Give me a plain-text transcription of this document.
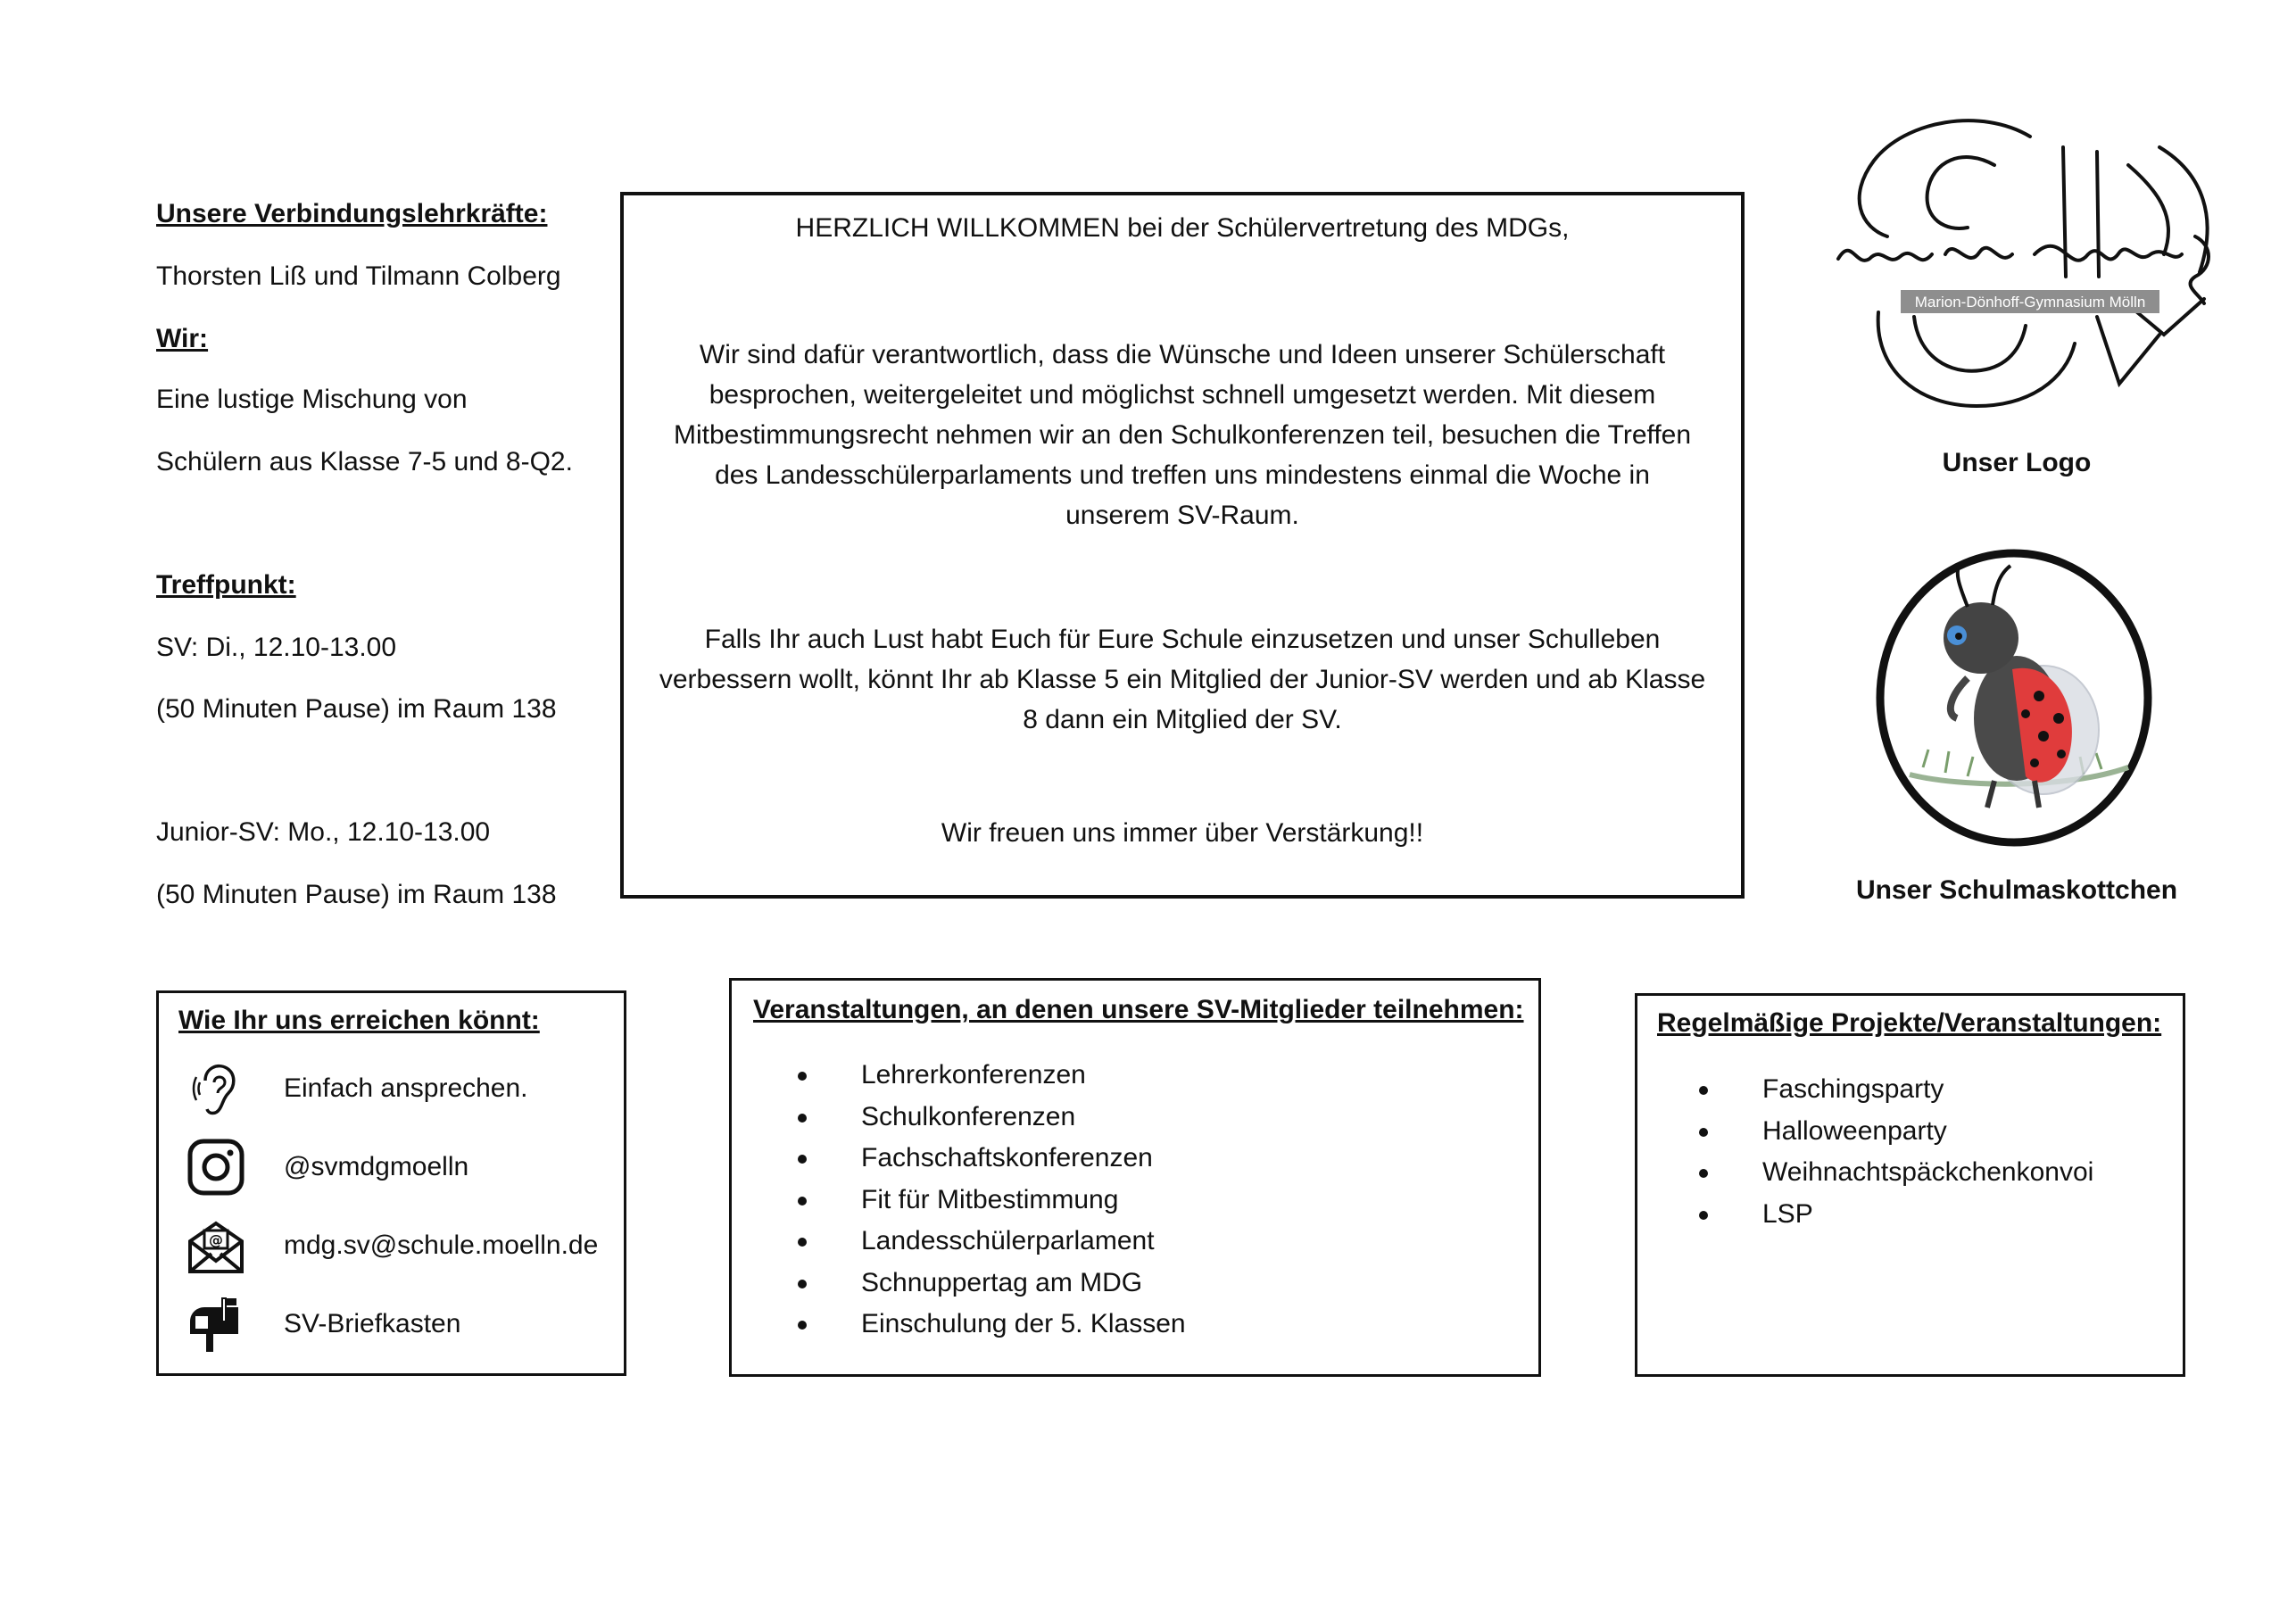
Unsere Verbindungslehrkräfte:

Thorsten Liß und Tilmann Colberg

Wir:

Eine lustige Mischung von

Schülern aus Klasse 7-5 und 8-Q2.

Treffpunkt:

SV: Di., 12.10-13.00

(50 Minuten Pause) im Raum 138

Junior-SV: Mo., 12.10-13.00

(50 Minuten Pause) im Raum 138

HERZLICH WILLKOMMEN bei der Schülervertretung des MDGs,

Wir sind dafür verantwortlich, dass die Wünsche und Ideen unserer Schülerschaft
besprochen, weitergeleitet und möglichst schnell umgesetzt werden. Mit diesem
Mitbestimmungsrecht nehmen wir an den Schulkonferenzen teil, besuchen die Treffen
des Landesschülerparlaments und treffen uns mindestens einmal die Woche in
unserem SV-Raum.

Falls Ihr auch Lust habt Euch für Eure Schule einzusetzen und unser Schulleben
verbessern wollt, könnt Ihr ab Klasse 5 ein Mitglied der Junior-SV werden und ab Klasse
8 dann ein Mitglied der SV.

Wir freuen uns immer über Verstärkung!!

Marion-Dönhoff-Gymnasium Mölln
Unser Logo
Unser Schulmaskottchen
Wie Ihr uns erreichen könnt:
Einfach ansprechen.
@svmdgmoelln
@ mdg.sv@schule.moelln.de
SV-Briefkasten
Veranstaltungen, an denen unsere SV-Mitglieder teilnehmen:
Lehrerkonferenzen
Schulkonferenzen
Fachschaftskonferenzen
Fit für Mitbestimmung
Landesschülerparlament
Schnuppertag am MDG
Einschulung der 5. Klassen
Regelmäßige Projekte/Veranstaltungen:
Faschingsparty
Halloweenparty
Weihnachtspäckchenkonvoi
LSP
